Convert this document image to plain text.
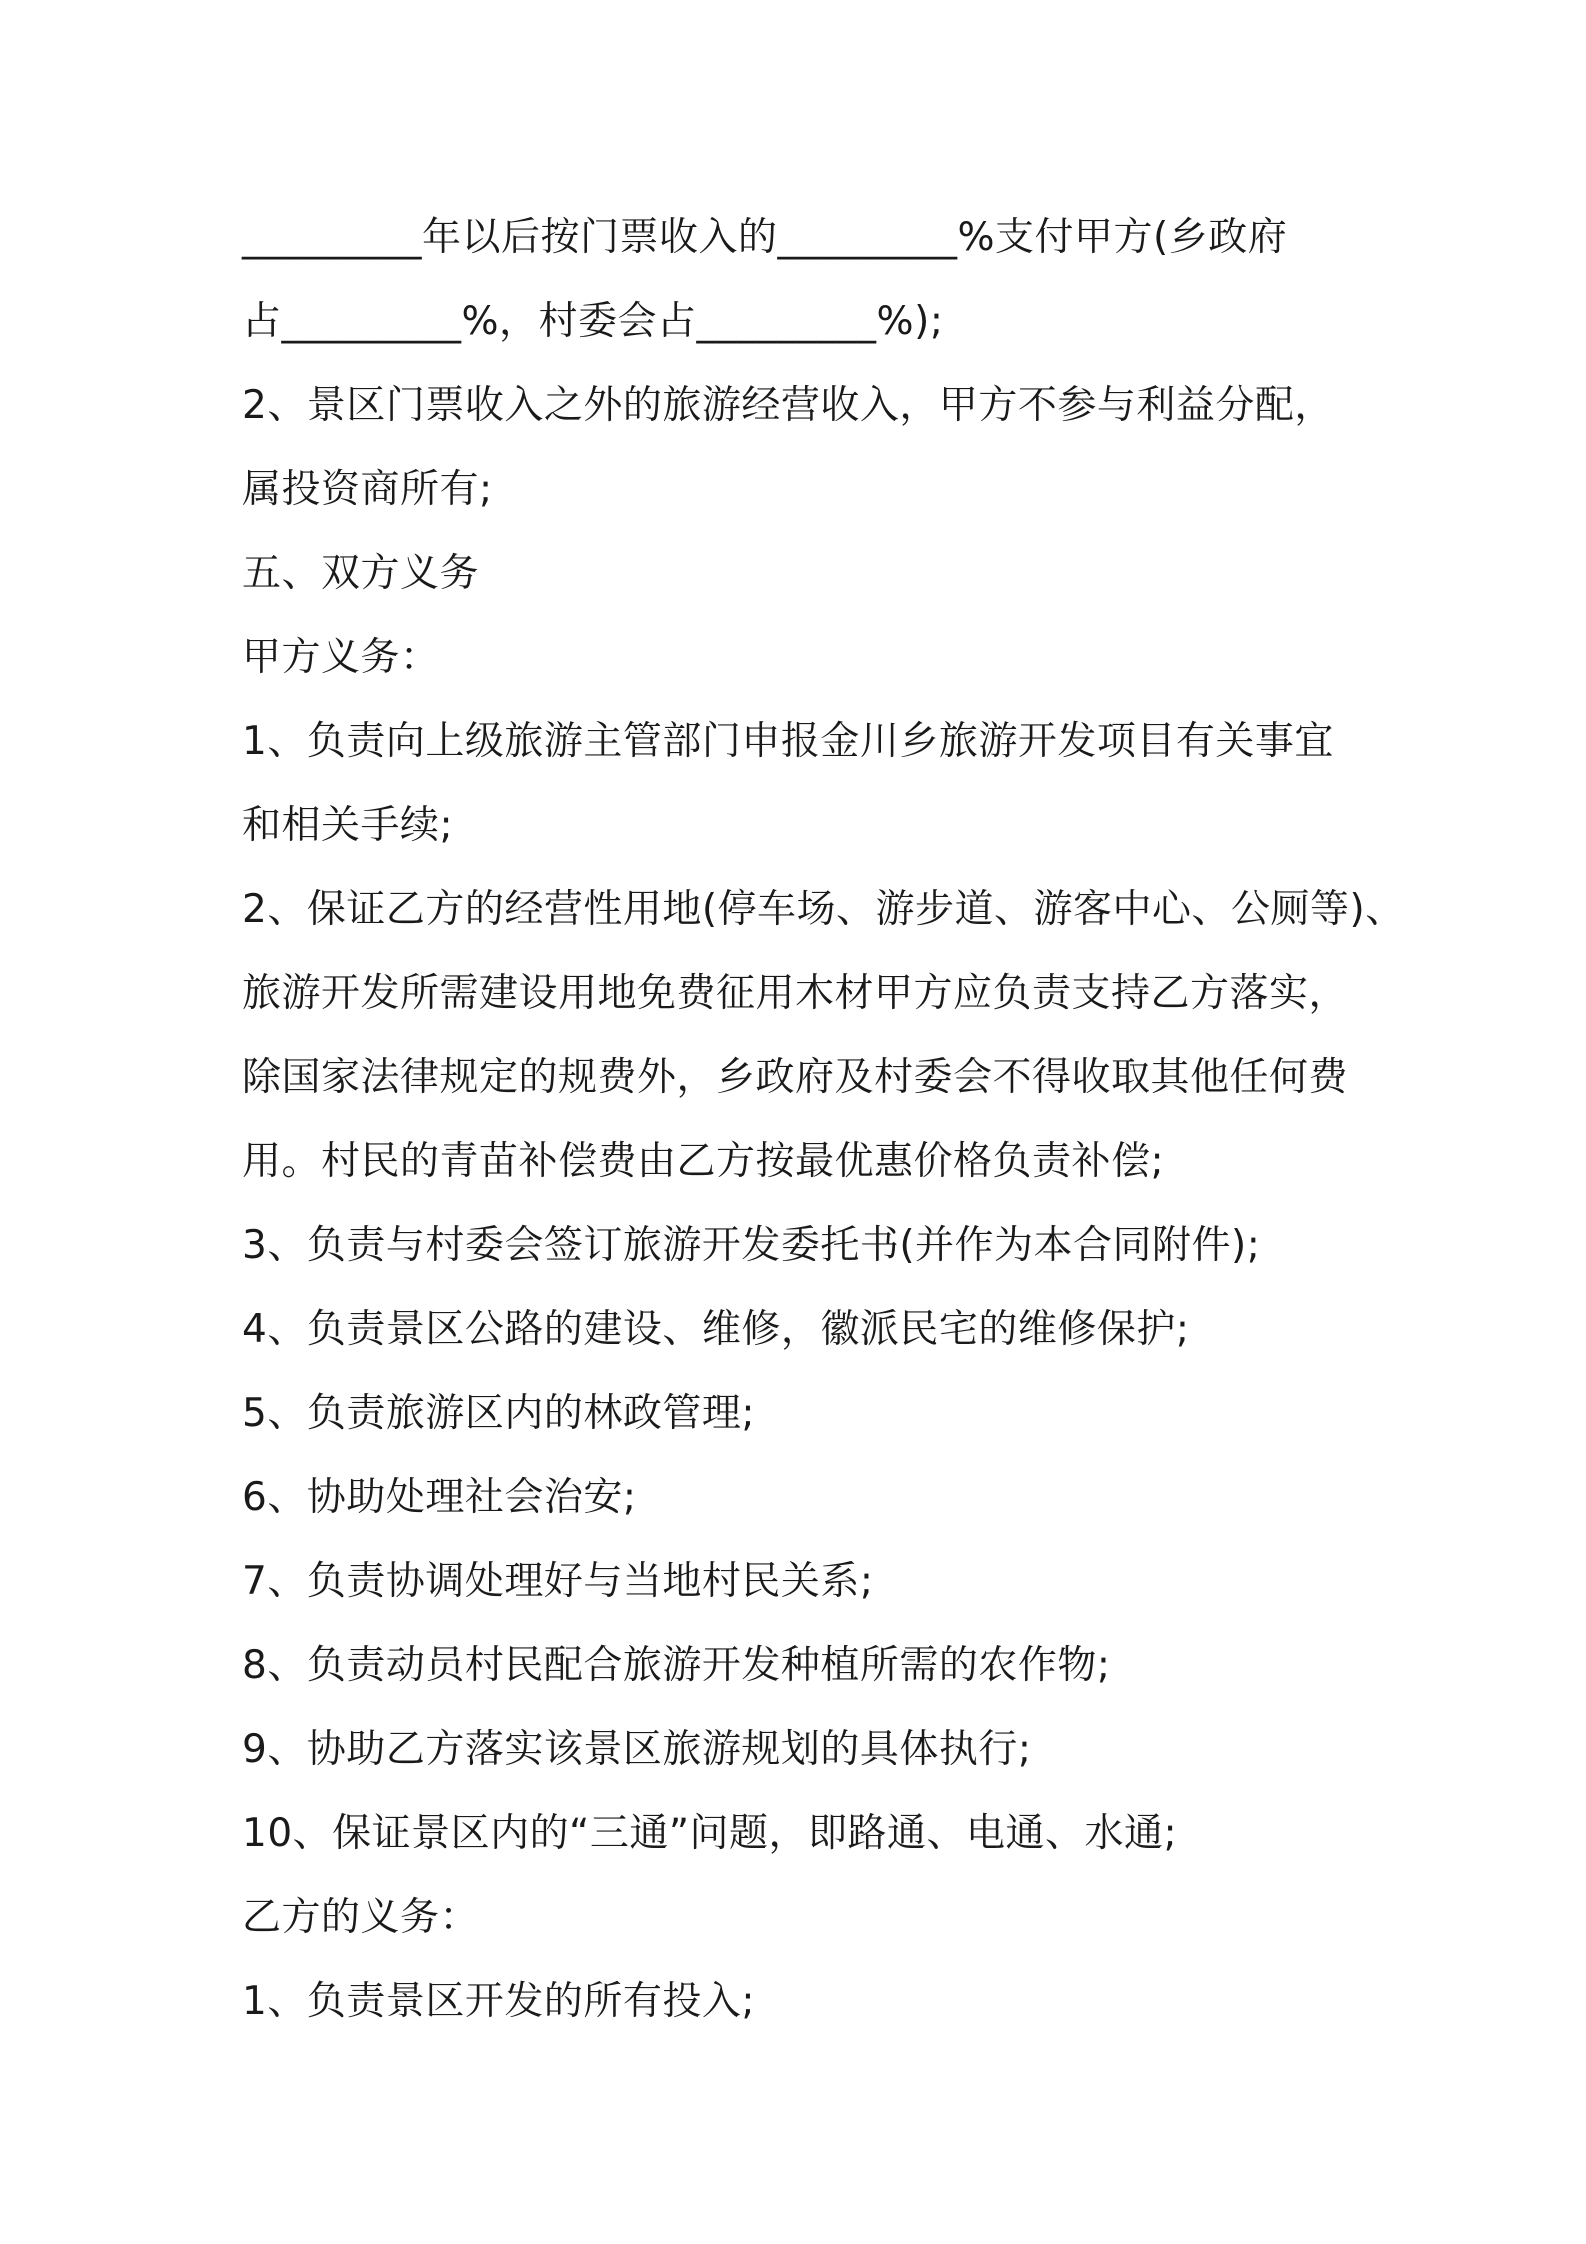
_________年以后按门票收入的_________%支付甲方(乡政府
占_________%，村委会占_________%);
2、景区门票收入之外的旅游经营收入，甲方不参与利益分配，
属投资商所有;
五、双方义务
甲方义务：
1、负责向上级旅游主管部门申报金川乡旅游开发项目有关事宜
和相关手续;
2、保证乙方的经营性用地(停车场、游步道、游客中心、公厕等)、
旅游开发所需建设用地免费征用木材甲方应负责支持乙方落实，
除国家法律规定的规费外，乡政府及村委会不得收取其他任何费
用。村民的青苗补偿费由乙方按最优惠价格负责补偿;
3、负责与村委会签订旅游开发委托书(并作为本合同附件);
4、负责景区公路的建设、维修，徽派民宅的维修保护;
5、负责旅游区内的林政管理;
6、协助处理社会治安;
7、负责协调处理好与当地村民关系;
8、负责动员村民配合旅游开发种植所需的农作物;
9、协助乙方落实该景区旅游规划的具体执行;
10、保证景区内的“三通”问题，即路通、电通、水通;
乙方的义务：
1、负责景区开发的所有投入;
